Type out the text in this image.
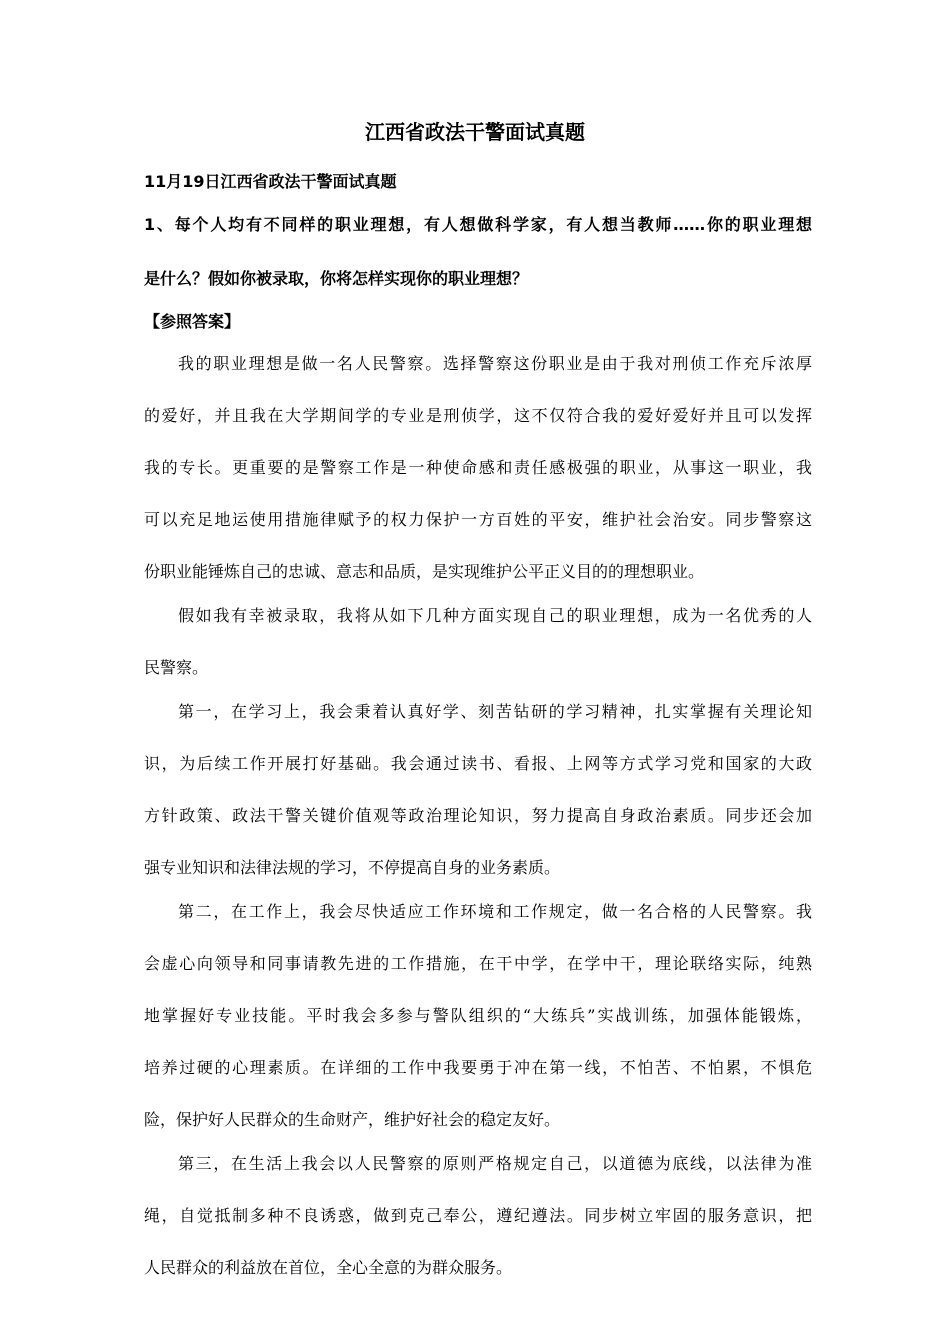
江西省政法干警面试真题
11月19日江西省政法干警面试真题
1、每个人均有不同样的职业理想，有人想做科学家，有人想当教师……你的职业理想
是什么？假如你被录取，你将怎样实现你的职业理想？
【参照答案】
我的职业理想是做一名人民警察。选择警察这份职业是由于我对刑侦工作充斥浓厚
的爱好，并且我在大学期间学的专业是刑侦学，这不仅符合我的爱好爱好并且可以发挥
我的专长。更重要的是警察工作是一种使命感和责任感极强的职业，从事这一职业，我
可以充足地运使用措施律赋予的权力保护一方百姓的平安，维护社会治安。同步警察这
份职业能锤炼自己的忠诚、意志和品质，是实现维护公平正义目的的理想职业。
假如我有幸被录取，我将从如下几种方面实现自己的职业理想，成为一名优秀的人
民警察。
第一，在学习上，我会秉着认真好学、刻苦钻研的学习精神，扎实掌握有关理论知
识，为后续工作开展打好基础。我会通过读书、看报、上网等方式学习党和国家的大政
方针政策、政法干警关键价值观等政治理论知识，努力提高自身政治素质。同步还会加
强专业知识和法律法规的学习，不停提高自身的业务素质。
第二，在工作上，我会尽快适应工作环境和工作规定，做一名合格的人民警察。我
会虚心向领导和同事请教先进的工作措施，在干中学，在学中干，理论联络实际，纯熟
地掌握好专业技能。平时我会多参与警队组织的“大练兵”实战训练，加强体能锻炼，
培养过硬的心理素质。在详细的工作中我要勇于冲在第一线，不怕苦、不怕累，不惧危
险，保护好人民群众的生命财产，维护好社会的稳定友好。
第三，在生活上我会以人民警察的原则严格规定自己，以道德为底线，以法律为准
绳，自觉抵制多种不良诱惑，做到克己奉公，遵纪遵法。同步树立牢固的服务意识，把
人民群众的利益放在首位，全心全意的为群众服务。
